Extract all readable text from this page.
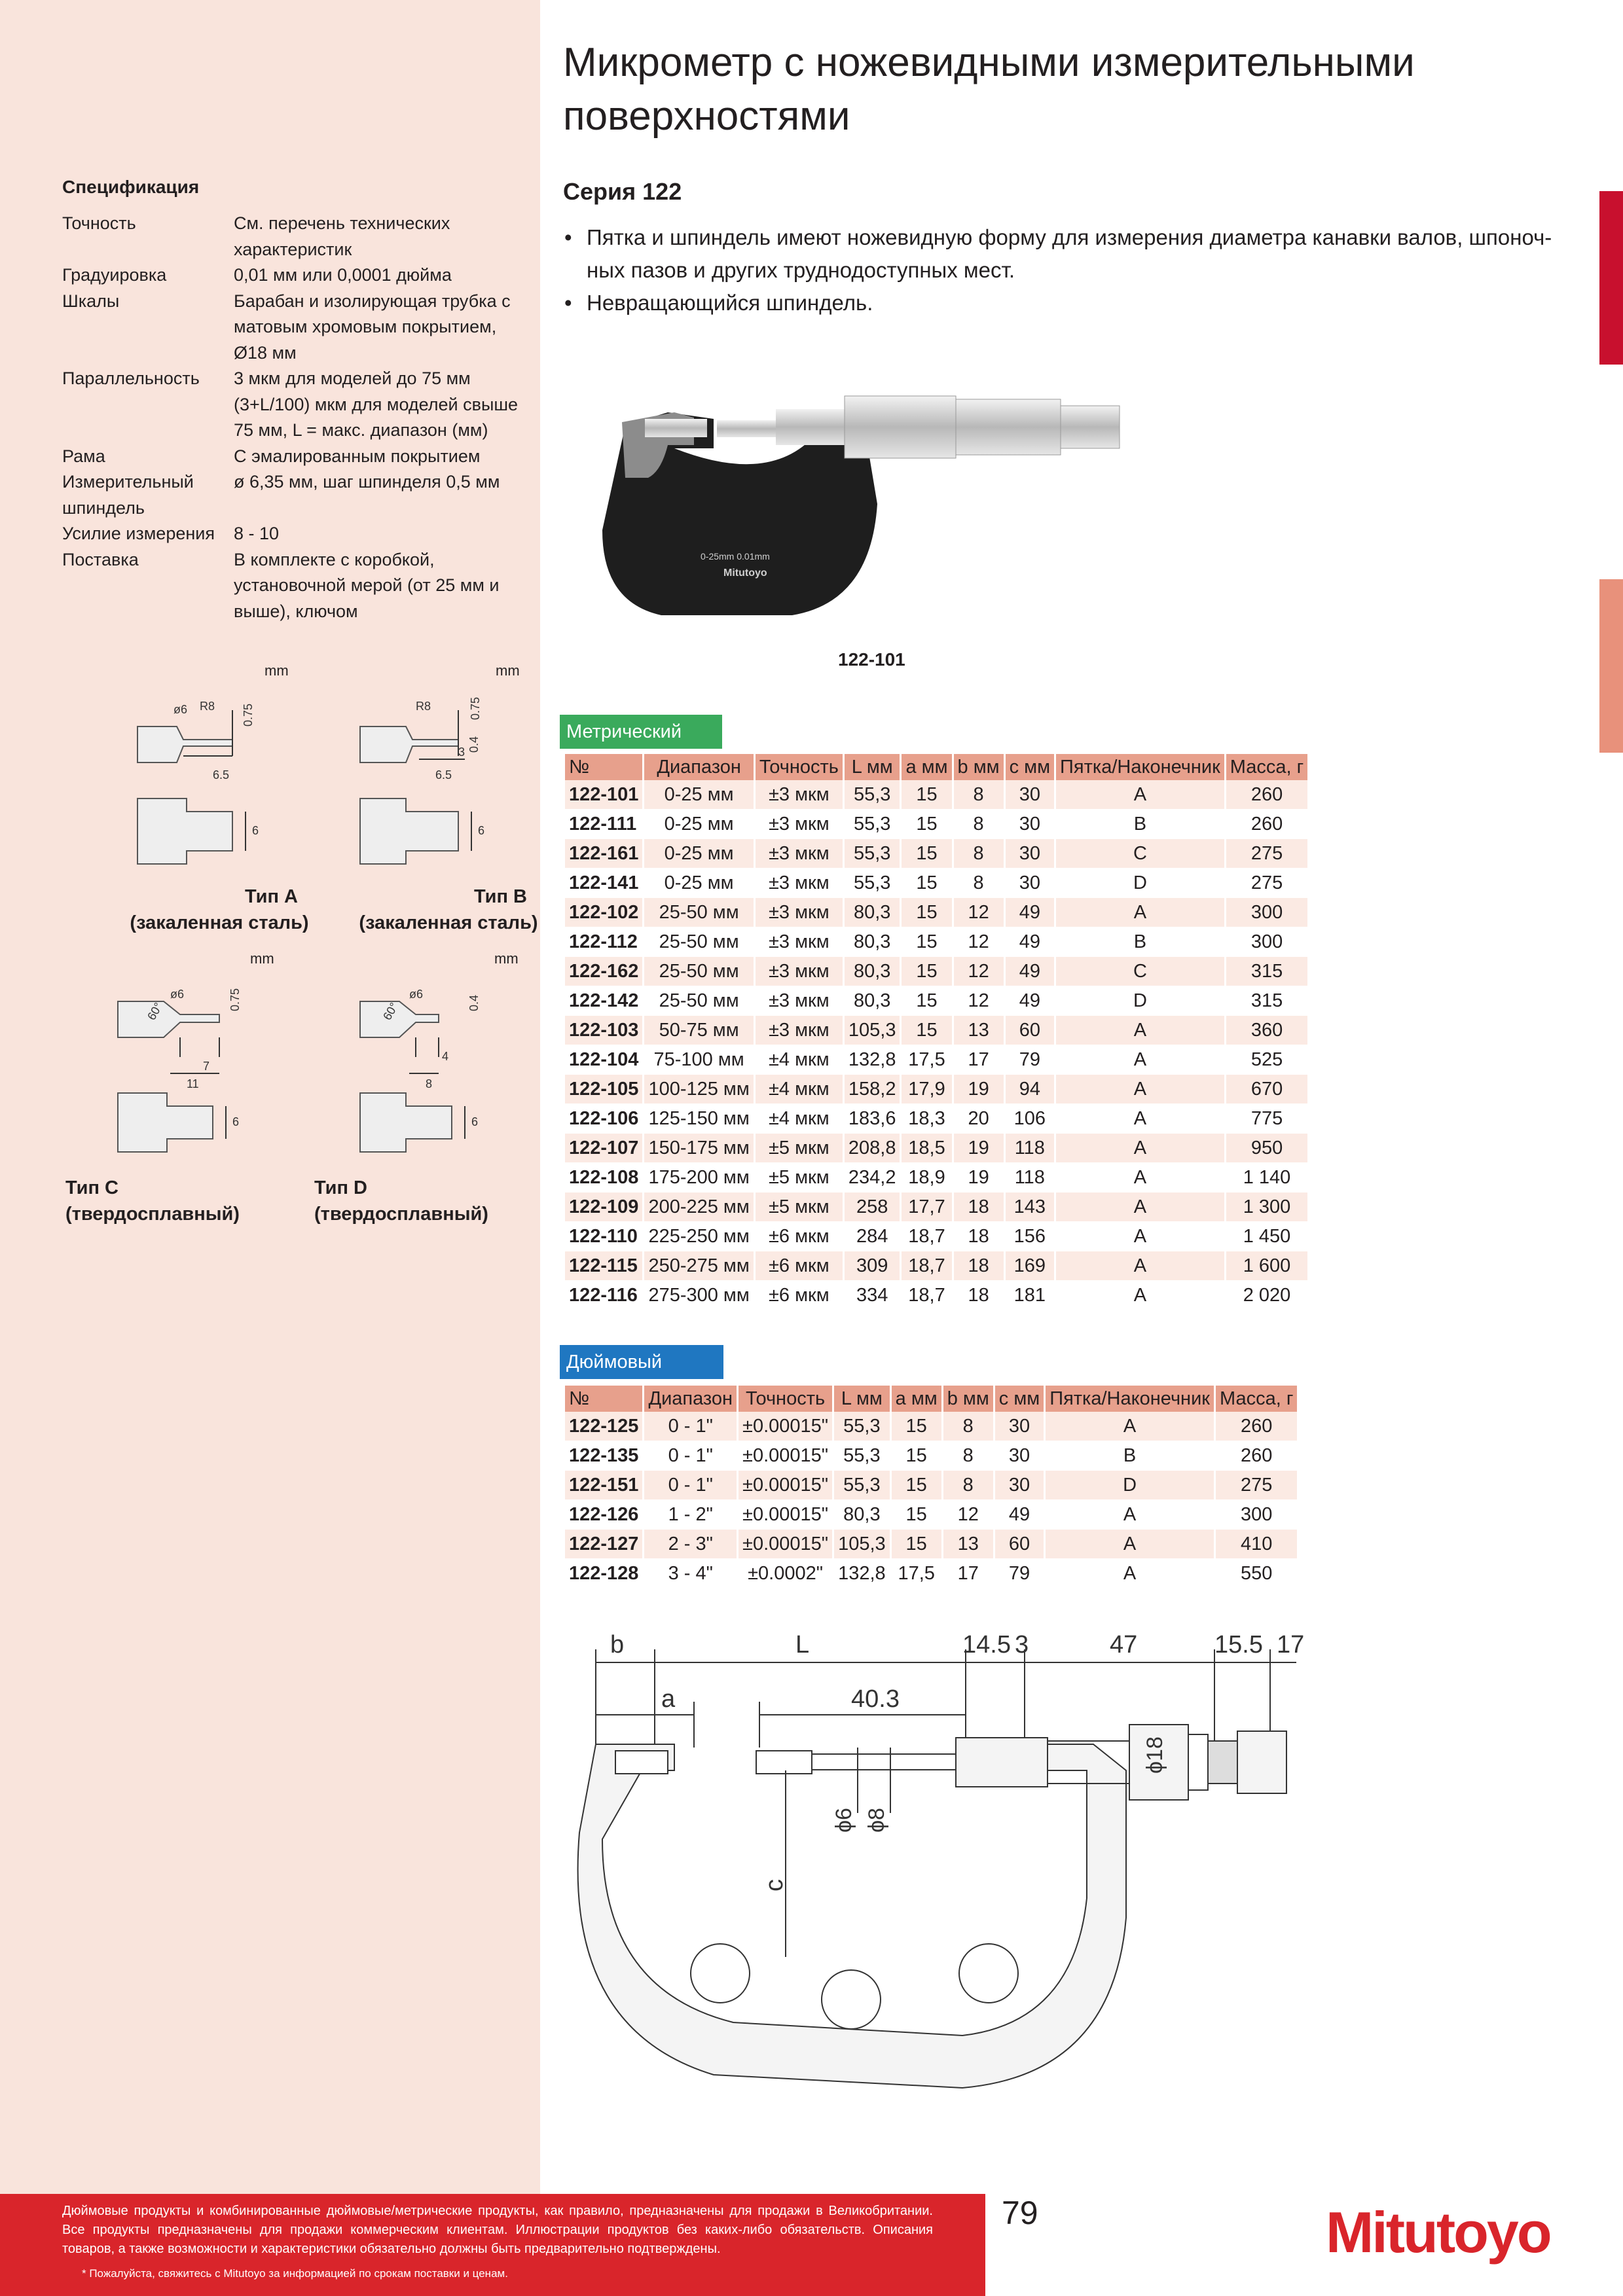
Микрометр с ножевидными измерительными
поверхностями
Серия 122
• Пятка и шпиндель имеют ножевидную форму для измерения диаметра канавки валов, шпоноч-
ных пазов и других труднодоступных мест.
• Невращающийся шпиндель.
Спецификация
Точность	См. перечень технических
характеристик
Градуировка	0,01 мм или 0,0001 дюйма
Шкалы	Барабан и изолирующая трубка с
матовым хромовым покрытием,
Ø18 мм
Параллельность	3 мкм для моделей до 75 мм
(3+L/100) мкм для моделей свыше
75 мм, L = макс. диапазон (мм)
Рама	С эмалированным покрытием
Измерительный	ø 6,35 мм, шаг шпинделя 0,5 мм
шпиндель
Усилие измерения	8 - 10
Поставка	В комплекте с коробкой,
установочной мерой (от 25 мм и
выше), ключом
mm	mm
mm	mm
6.5
ø6 R8 0.75
6
6.5
3
R8	0.75
0.4
6
7
11
60°
ø6	0.75
6
4
8
60°
ø6
0.4
6
Тип А
(закаленная сталь)
Тип В
(закаленная сталь)
Тип С (твердосплавный)
Тип D (твердосплавный)
0-25mm 0.01mm
Mitutoyo
122-101
Метрический
№	Диапазон	Точность	L мм	a мм	b мм	c мм	Пятка/Наконечник	Масса, г
122-101	0-25 мм	±3 мкм	55,3	15	8	30	A	260
122-111	0-25 мм	±3 мкм	55,3	15	8	30	B	260
122-161	0-25 мм	±3 мкм	55,3	15	8	30	C	275
122-141	0-25 мм	±3 мкм	55,3	15	8	30	D	275
122-102	25-50 мм	±3 мкм	80,3	15	12	49	A	300
122-112	25-50 мм	±3 мкм	80,3	15	12	49	B	300
122-162	25-50 мм	±3 мкм	80,3	15	12	49	C	315
122-142	25-50 мм	±3 мкм	80,3	15	12	49	D	315
122-103	50-75 мм	±3 мкм	105,3	15	13	60	A	360
122-104	75-100 мм	±4 мкм	132,8	17,5	17	79	A	525
122-105	100-125 мм	±4 мкм	158,2	17,9	19	94	A	670
122-106	125-150 мм	±4 мкм	183,6	18,3	20	106	A	775
122-107	150-175 мм	±5 мкм	208,8	18,5	19	118	A	950
122-108	175-200 мм	±5 мкм	234,2	18,9	19	118	A	1 140
122-109	200-225 мм	±5 мкм	258	17,7	18	143	A	1 300
122-110	225-250 мм	±6 мкм	284	18,7	18	156	A	1 450
122-115	250-275 мм	±6 мкм	309	18,7	18	169	A	1 600
122-116	275-300 мм	±6 мкм	334	18,7	18	181	A	2 020
Дюймовый
№	Диапазон	Точность	L мм	a мм	b мм	c мм	Пятка/Наконечник	Масса, г
122-125	0 - 1"	±0.00015"	55,3	15	8	30	A	260
122-135	0 - 1"	±0.00015"	55,3	15	8	30	B	260
122-151	0 - 1"	±0.00015"	55,3	15	8	30	D	275
122-126	1 - 2"	±0.00015"	80,3	15	12	49	A	300
122-127	2 - 3"	±0.00015"	105,3	15	13	60	A	410
122-128	3 - 4"	±0.0002"	132,8	17,5	17	79	A	550
b	L	14.5 3	47	15.5 17
a	40.3
ϕ18
c
ϕ6 ϕ8
Дюймовые продукты и комбинированные дюймовые/метрические продукты, как правило, предназначены для продажи в Великобритании. Все продукты предназначены для продажи коммерческим клиентам. Иллюстрации продуктов без каких-либо обязательств. Описания товаров, а также возможности и характеристики обязательно должны быть предварительно подтверждены.
* Пожалуйста, свяжитесь с Mitutoyo за информацией по срокам поставки и ценам.
79	Mitutoyo
